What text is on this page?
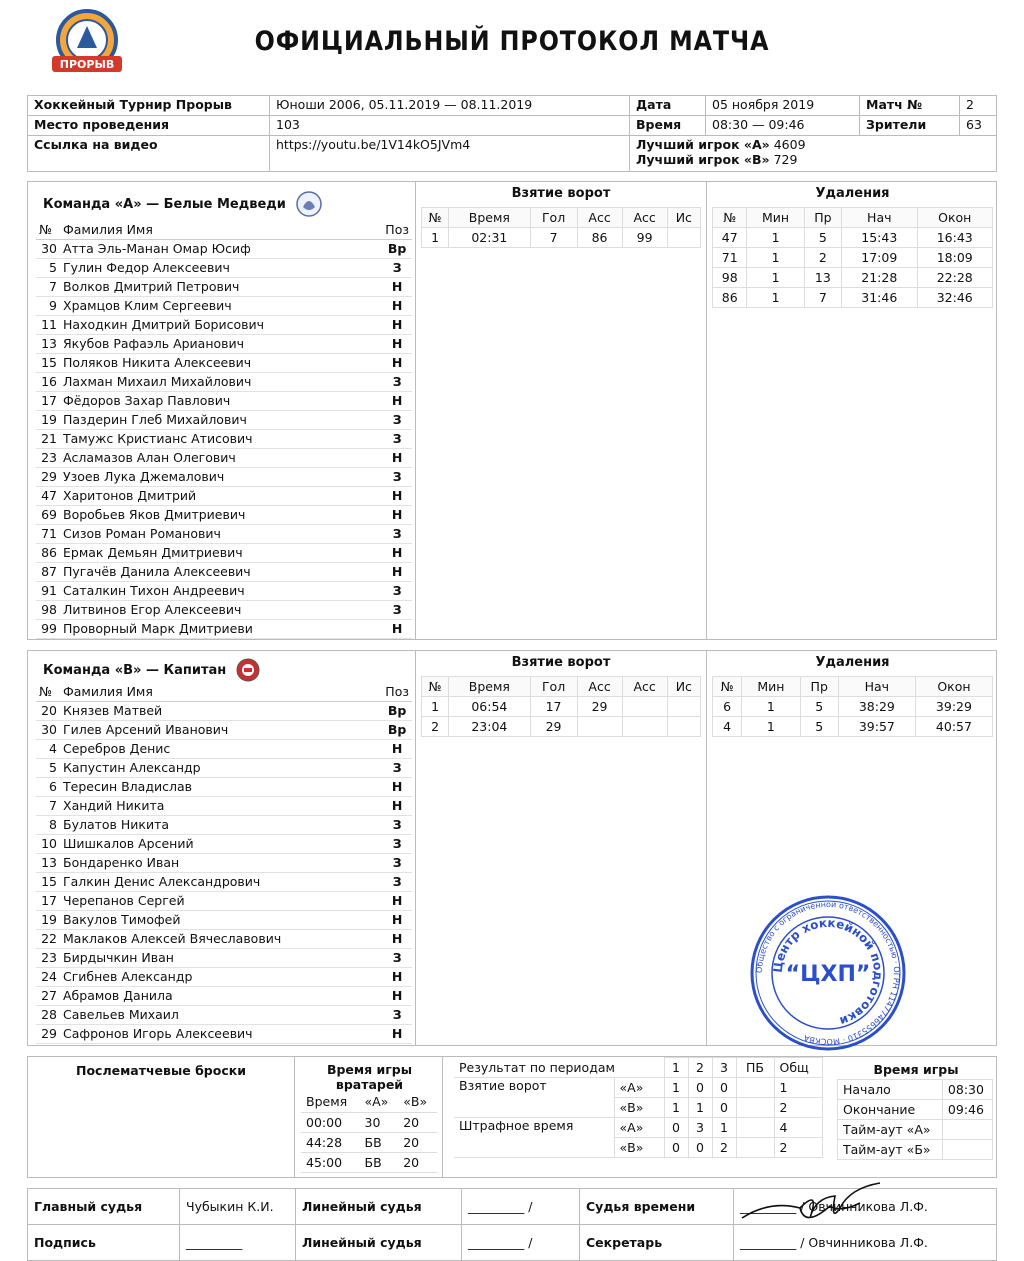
ПРОРЫВ
ОФИЦИАЛЬНЫЙ ПРОТОКОЛ МАТЧА
Хоккейный Турнир Прорыв	Юноши 2006, 05.11.2019 — 08.11.2019	Дата	05 ноября 2019	Матч №	2
Место проведения	103	Время	08:30 — 09:46	Зрители	63
Ссылка на видео	https://youtu.be/1V14kO5JVm4	Лучший игрок «А» 4609
Лучший игрок «В» 729			
Команда «А» — Белые Медведи
№	Фамилия Имя	Поз
30	Атта Эль-Манан Омар Юсиф	Вр
5	Гулин Федор Алексеевич	З
7	Волков Дмитрий Петрович	Н
9	Храмцов Клим Сергеевич	Н
11	Находкин Дмитрий Борисович	Н
13	Якубов Рафаэль Арианович	Н
15	Поляков Никита Алексеевич	Н
16	Лахман Михаил Михайлович	З
17	Фёдоров Захар Павлович	Н
19	Паздерин Глеб Михайлович	З
21	Тамужс Кристианс Атисович	З
23	Асламазов Алан Олегович	Н
29	Узоев Лука Джемалович	З
47	Харитонов Дмитрий	Н
69	Воробьев Яков Дмитриевич	Н
71	Сизов Роман Романович	З
86	Ермак Демьян Дмитриевич	Н
87	Пугачёв Данила Алексеевич	Н
91	Саталкин Тихон Андреевич	З
98	Литвинов Егор Алексеевич	З
99	Проворный Марк Дмитриеви	Н
Взятие ворот
№	Время	Гол	Асс	Асс	Ис
1	02:31	7	86	99	
Удаления
№	Мин	Пр	Нач	Окон
47	1	5	15:43	16:43
71	1	2	17:09	18:09
98	1	13	21:28	22:28
86	1	7	31:46	32:46
Команда «В» — Капитан
№	Фамилия Имя	Поз
20	Князев Матвей	Вр
30	Гилев Арсений Иванович	Вр
4	Серебров Денис	Н
5	Капустин Александр	З
6	Тересин Владислав	Н
7	Хандий Никита	Н
8	Булатов Никита	З
10	Шишкалов Арсений	З
13	Бондаренко Иван	З
15	Галкин Денис Александрович	З
17	Черепанов Сергей	Н
19	Вакулов Тимофей	Н
22	Маклаков Алексей Вячеславович	Н
23	Бирдычкин Иван	З
24	Сгибнев Александр	Н
27	Абрамов Данила	Н
28	Савельев Михаил	З
29	Сафронов Игорь Алексеевич	Н
Взятие ворот
№	Время	Гол	Асс	Асс	Ис
1	06:54	17	29		
2	23:04	29			
Удаления
№	Мин	Пр	Нач	Окон
6	1	5	38:29	39:29
4	1	5	39:57	40:57
Общество с ограниченной ответственностью · ОГРН 1147746655310 · МОСКВА
Центр хоккейной подготовки
“ЦХП”
Послематчевые броски	Время игры вратарей
Время	«А»	«В»
00:00	30	20
44:28	БВ	20
45:00	БВ	20
Результат по периодам		1	2	3	ПБ	Общ
Взятие ворот	«А»	1	0	0		1
	«В»	1	1	0		2
Штрафное время	«А»	0	3	1		4
	«В»	0	0	2		2
Время игры
Начало	08:30
Окончание	09:46
Тайм-аут «А»	
Тайм-аут «Б»	
Главный судья	Чубыкин К.И.	Линейный судья	_________ /	Судья времени	_________ / Овчинникова Л.Ф.
Подпись	_________	Линейный судья	_________ /	Секретарь	_________ / Овчинникова Л.Ф.
